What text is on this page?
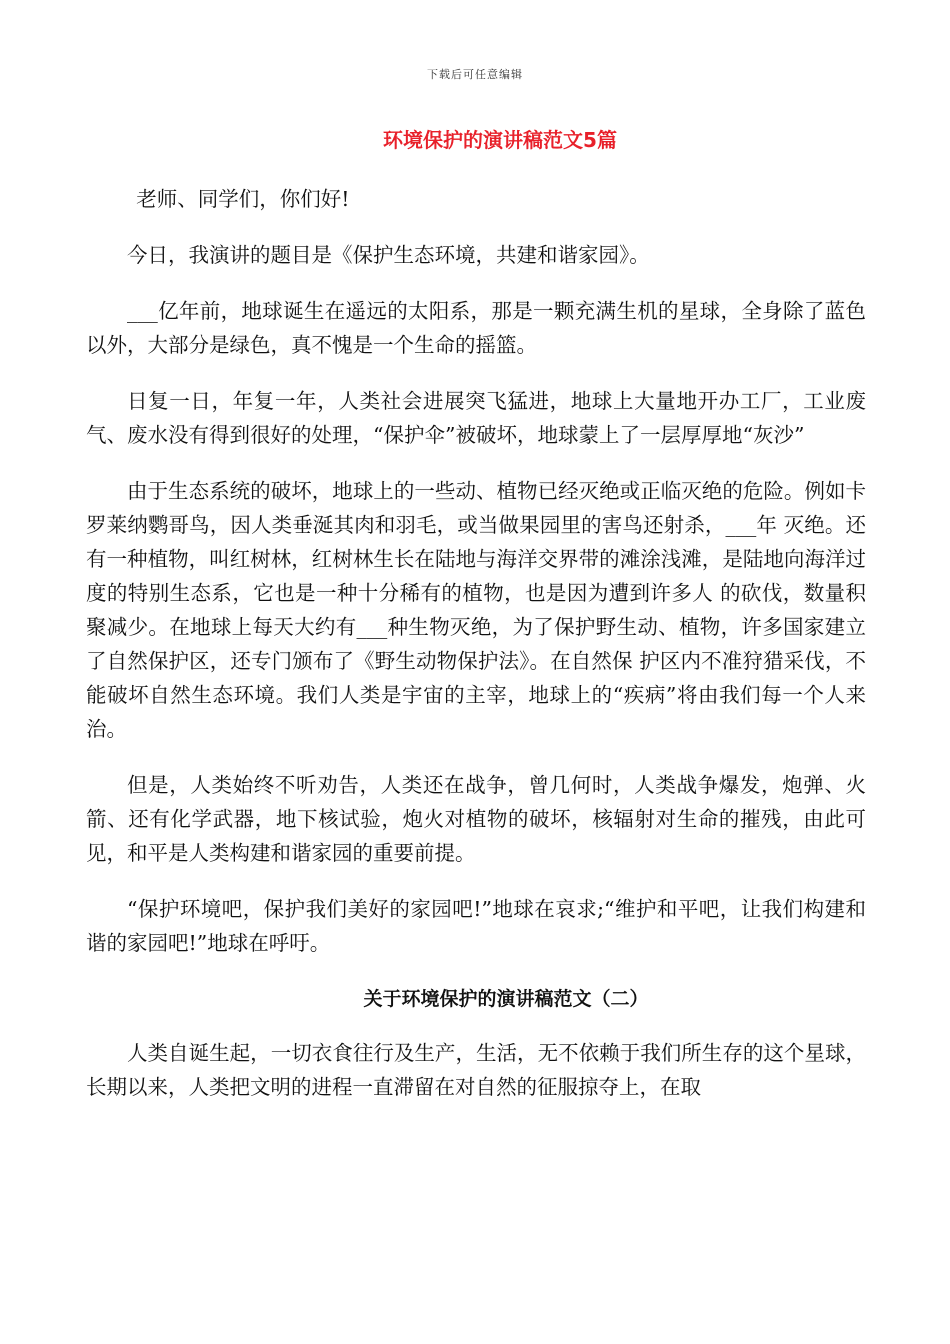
下载后可任意编辑
环境保护的演讲稿范文5篇

老师、同学们，你们好!

今日，我演讲的题目是《保护生态环境，共建和谐家园》。

___亿年前，地球诞生在遥远的太阳系，那是一颗充满生机的星球，全身除了蓝色以外，大部分是绿色，真不愧是一个生命的摇篮。

日复一日，年复一年，人类社会进展突飞猛进，地球上大量地开办工厂，工业废气、废水没有得到很好的处理，“保护伞”被破坏，地球蒙上了一层厚厚地“灰沙”

由于生态系统的破坏，地球上的一些动、植物已经灭绝或正临灭绝的危险。例如卡罗莱纳鹦哥鸟，因人类垂涎其肉和羽毛，或当做果园里的害鸟还射杀，___年 灭绝。还有一种植物，叫红树林，红树林生长在陆地与海洋交界带的滩涂浅滩，是陆地向海洋过度的特别生态系，它也是一种十分稀有的植物，也是因为遭到许多人 的砍伐，数量积聚减少。在地球上每天大约有___种生物灭绝，为了保护野生动、植物，许多国家建立了自然保护区，还专门颁布了《野生动物保护法》。在自然保 护区内不准狩猎采伐，不能破坏自然生态环境。我们人类是宇宙的主宰，地球上的“疾病”将由我们每一个人来治。

但是，人类始终不听劝告，人类还在战争，曾几何时，人类战争爆发，炮弹、火箭、还有化学武器，地下核试验，炮火对植物的破坏，核辐射对生命的摧残，由此可见，和平是人类构建和谐家园的重要前提。

“保护环境吧，保护我们美好的家园吧!”地球在哀求;“维护和平吧，让我们构建和谐的家园吧!”地球在呼吁。

关于环境保护的演讲稿范文（二）

人类自诞生起，一切衣食往行及生产，生活，无不依赖于我们所生存的这个星球，长期以来，人类把文明的进程一直滞留在对自然的征服掠夺上，在取
